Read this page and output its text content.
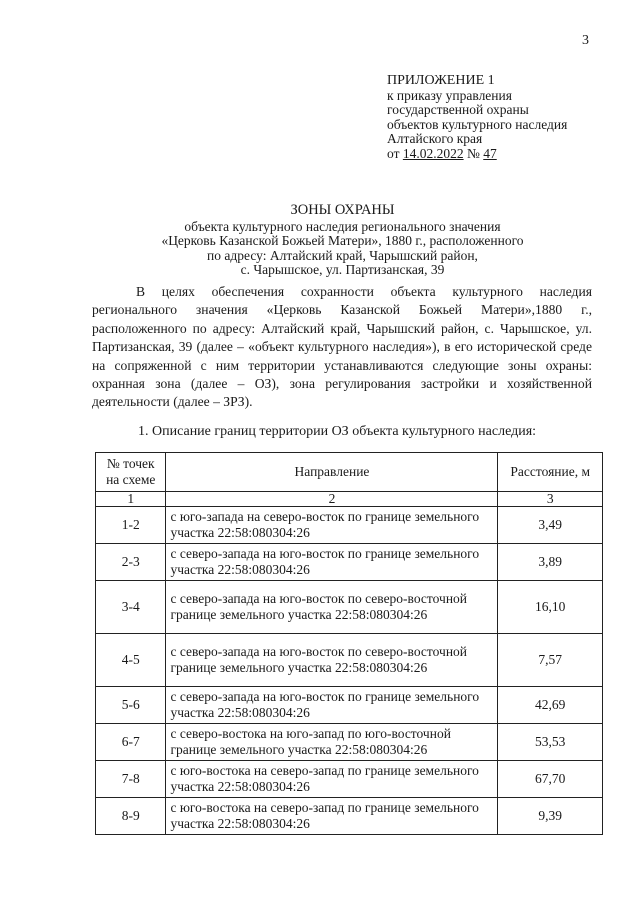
3
ПРИЛОЖЕНИЕ 1
к приказу управления
государственной охраны
объектов культурного наследия
Алтайского края
от 14.02.2022 № 47
ЗОНЫ ОХРАНЫ
объекта культурного наследия регионального значения
«Церковь Казанской Божьей Матери», 1880 г., расположенного
по адресу: Алтайский край, Чарышский район,
с. Чарышское, ул. Партизанская, 39
В целях обеспечения сохранности объекта культурного наследия регионального значения «Церковь Казанской Божьей Матери»,1880 г., расположенного по адресу: Алтайский край, Чарышский район, с. Чарышское, ул. Партизанская, 39 (далее – «объект культурного наследия»), в его исторической среде на сопряженной с ним территории устанавливаются следующие зоны охраны: охранная зона (далее – ОЗ), зона регулирования застройки и хозяйственной деятельности (далее – ЗРЗ).
1. Описание границ территории ОЗ объекта культурного наследия:
№ точек на схеме	Направление	Расстояние, м
1	2	3
1-2	с юго-запада на северо-восток по границе земельного участка 22:58:080304:26	3,49
2-3	с северо-запада на юго-восток по границе земельного участка 22:58:080304:26	3,89
3-4	с северо-запада на юго-восток по северо-восточной границе земельного участка 22:58:080304:26	16,10
4-5	с северо-запада на юго-восток по северо-восточной границе земельного участка 22:58:080304:26	7,57
5-6	с северо-запада на юго-восток по границе земельного участка 22:58:080304:26	42,69
6-7	с северо-востока на юго-запад по юго-восточной границе земельного участка 22:58:080304:26	53,53
7-8	с юго-востока на северо-запад по границе земельного участка 22:58:080304:26	67,70
8-9	с юго-востока на северо-запад по границе земельного участка 22:58:080304:26	9,39
